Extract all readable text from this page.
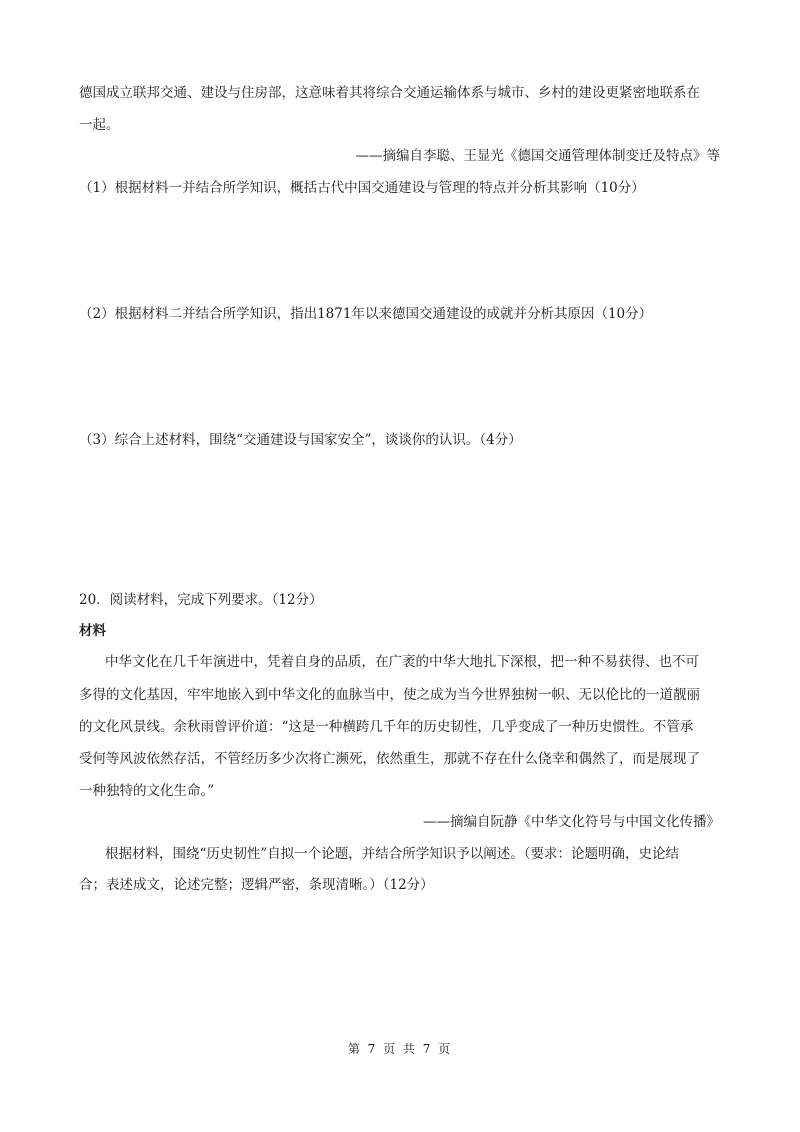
德国成立联邦交通、建设与住房部，这意味着其将综合交通运输体系与城市、乡村的建设更紧密地联系在
一起。
——摘编自李聪、王显光《德国交通管理体制变迁及特点》等
（1）根据材料一并结合所学知识，概括古代中国交通建设与管理的特点并分析其影响（10分）
（2）根据材料二并结合所学知识，指出1871年以来德国交通建设的成就并分析其原因（10分）
（3）综合上述材料，围绕“交通建设与国家安全”，谈谈你的认识。（4分）
20．阅读材料，完成下列要求。（12分）
材料
中华文化在几千年演进中，凭着自身的品质，在广袤的中华大地扎下深根，把一种不易获得、也不可
多得的文化基因，牢牢地嵌入到中华文化的血脉当中，使之成为当今世界独树一帜、无以伦比的一道靓丽
的文化风景线。余秋雨曾评价道：“这是一种横跨几千年的历史韧性，几乎变成了一种历史惯性。不管承
受何等风波依然存活，不管经历多少次将亡濒死，依然重生，那就不存在什么侥幸和偶然了，而是展现了
一种独特的文化生命。”
——摘编自阮静《中华文化符号与中国文化传播》
根据材料，围绕“历史韧性”自拟一个论题，并结合所学知识予以阐述。（要求：论题明确，史论结
合；表述成文，论述完整；逻辑严密，条现清晰。）（12分）
第 7 页 共 7 页
